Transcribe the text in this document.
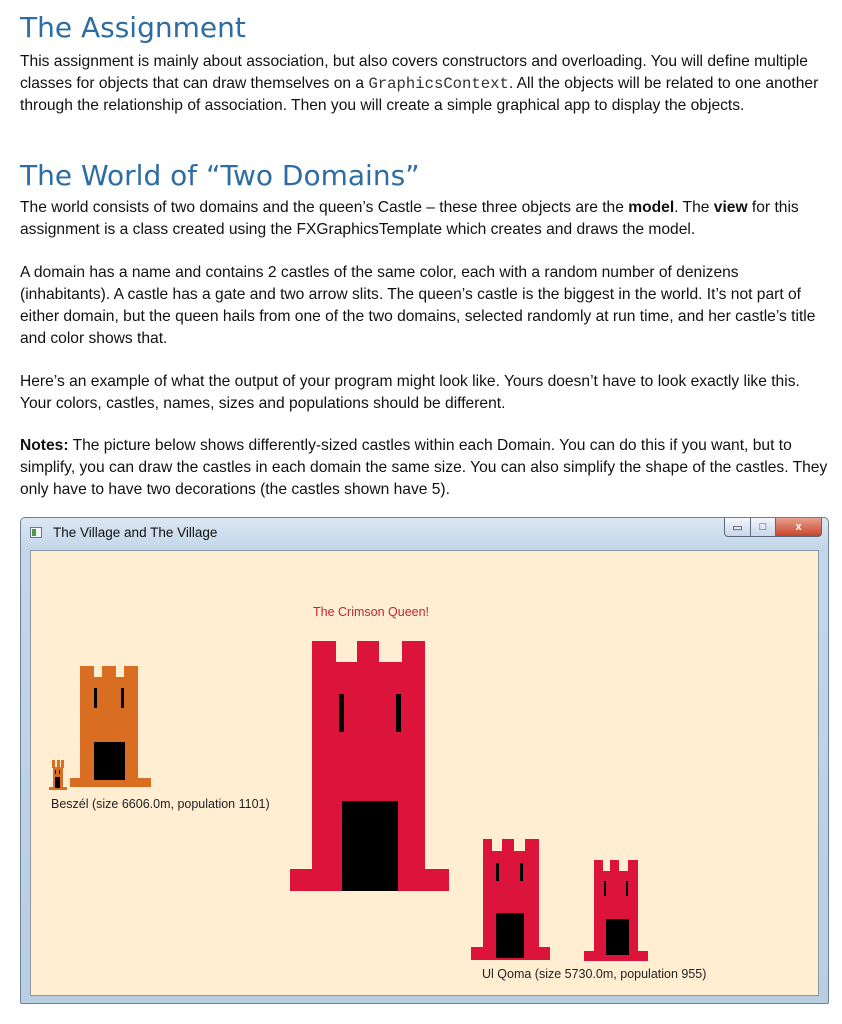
The Assignment

This assignment is mainly about association, but also covers constructors and overloading. You will define multiple classes for objects that can draw themselves on a GraphicsContext. All the objects will be related to one another through the relationship of association. Then you will create a simple graphical app to display the objects.

The World of “Two Domains”

The world consists of two domains and the queen’s Castle – these three objects are the model. The view for this assignment is a class created using the FXGraphicsTemplate which creates and draws the model.

A domain has a name and contains 2 castles of the same color, each with a random number of denizens (inhabitants). A castle has a gate and two arrow slits. The queen’s castle is the biggest in the world. It’s not part of either domain, but the queen hails from one of the two domains, selected randomly at run time, and her castle’s title and color shows that.

Here’s an example of what the output of your program might look like. Yours doesn’t have to look exactly like this. Your colors, castles, names, sizes and populations should be different.

Notes: The picture below shows differently-sized castles within each Domain. You can do this if you want, but to simplify, you can draw the castles in each domain the same size. You can also simplify the shape of the castles. They only have to have two decorations (the castles shown have 5).

The Village and The Village	▭ □	x
The Crimson Queen!
Beszél (size 6606.0m, population 1101)
Ul Qoma (size 5730.0m, population 955)
